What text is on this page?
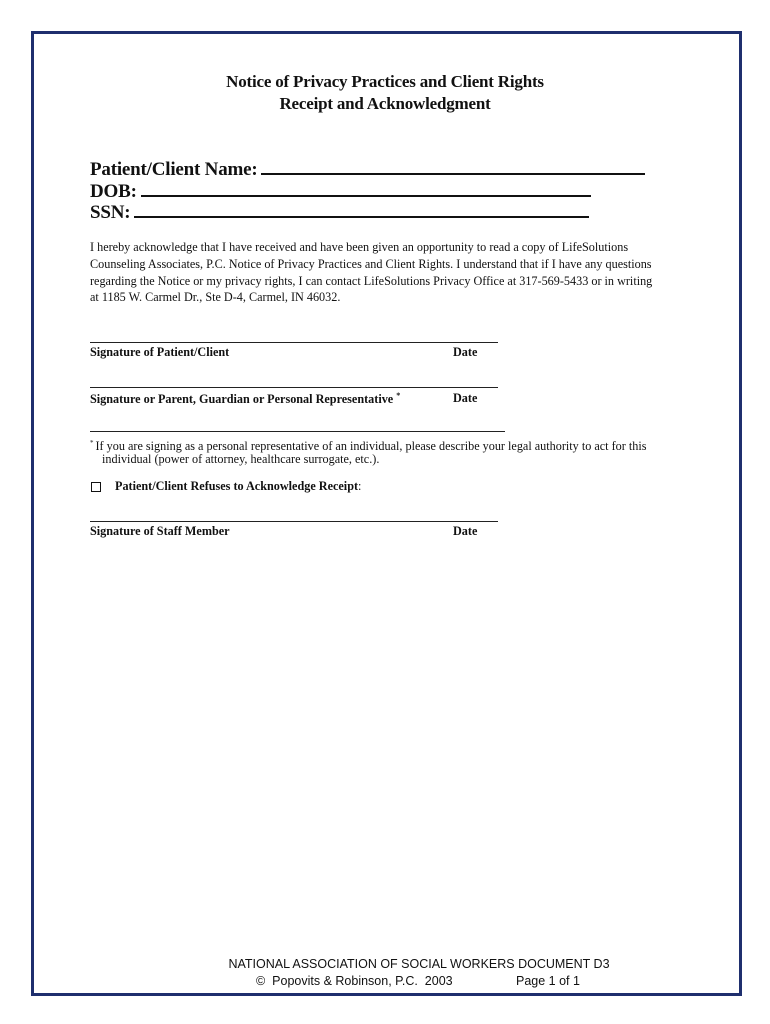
Notice of Privacy Practices and Client Rights
Receipt and Acknowledgment
Patient/Client Name:
DOB:
SSN:
I hereby acknowledge that I have received and have been given an opportunity to read a copy of LifeSolutions
Counseling Associates, P.C. Notice of Privacy Practices and Client Rights. I understand that if I have any questions
regarding the Notice or my privacy rights, I can contact LifeSolutions Privacy Office at 317-569-5433 or in writing
at 1185 W. Carmel Dr., Ste D-4, Carmel, IN 46032.
Signature of Patient/Client	Date
Signature or Parent, Guardian or Personal Representative *	Date
* If you are signing as a personal representative of an individual, please describe your legal authority to act for this
individual (power of attorney, healthcare surrogate, etc.).
Patient/Client Refuses to Acknowledge Receipt:
Signature of Staff Member	Date
NATIONAL ASSOCIATION OF SOCIAL WORKERS DOCUMENT D3
©  Popovits & Robinson, P.C.  2003	Page 1 of 1
